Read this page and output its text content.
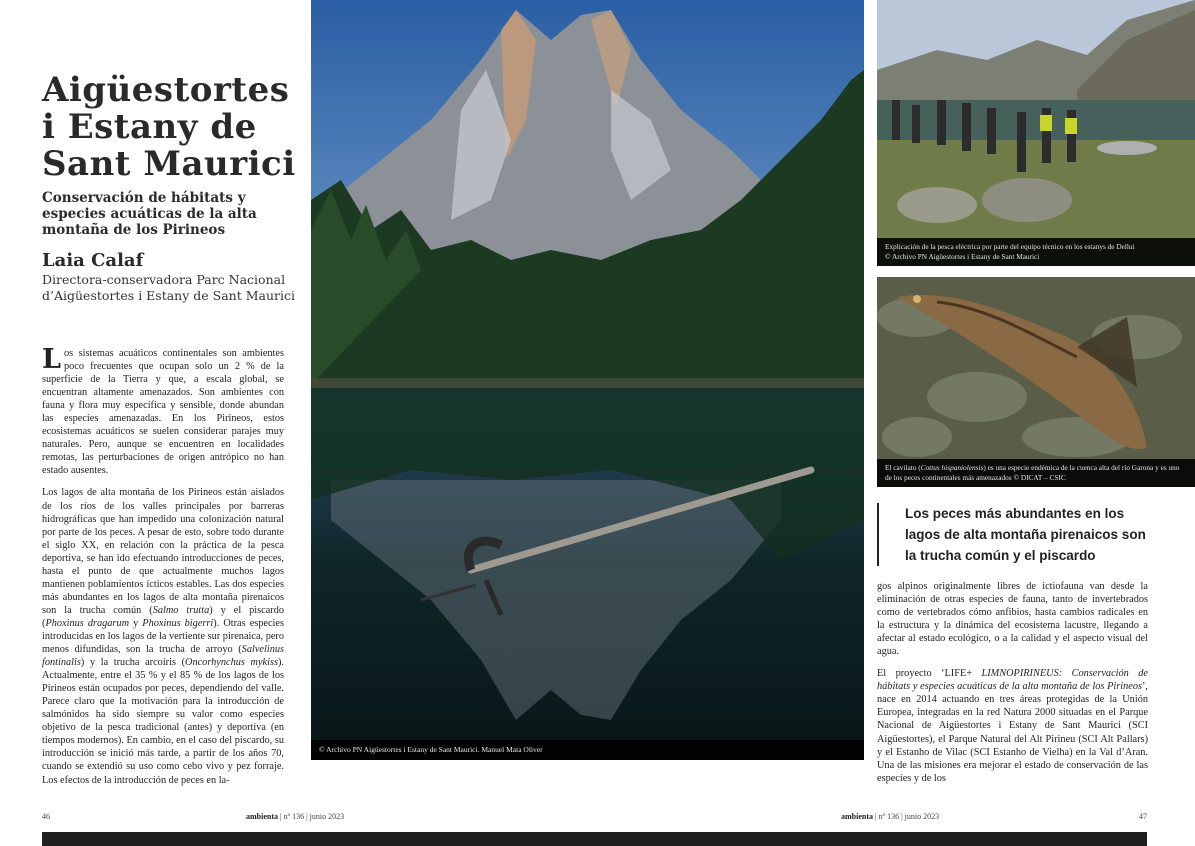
Aigüestortes
i Estany de
Sant Maurici
Conservación de hábitats y especies acuáticas de la alta montaña de los Pirineos
Laia Calaf
Directora-conservadora Parc Nacional d’Aigüestortes i Estany de Sant Maurici

Los sistemas acuáticos continentales son ambientes poco frecuentes que ocupan solo un 2 % de la superficie de la Tierra y que, a escala global, se encuentran altamente amenazados. Son ambientes con fauna y flora muy específica y sensible, donde abundan las especies amenazadas. En los Pirineos, estos ecosistemas acuáticos se suelen considerar parajes muy naturales. Pero, aunque se encuentren en localidades remotas, las perturbaciones de origen antrópico no han estado ausentes.

Los lagos de alta montaña de los Pirineos están aislados de los ríos de los valles principales por barreras hidrográficas que han impedido una colonización natural por parte de los peces. A pesar de esto, sobre todo durante el siglo XX, en relación con la práctica de la pesca deportiva, se han ido efectuando introducciones de peces, hasta el punto de que actualmente muchos lagos mantienen poblamientos ícticos estables. Las dos especies más abundantes en los lagos de alta montaña pirenaicos son la trucha común (Salmo trutta) y el piscardo (Phoxinus dragarum y Phoxinus bigerri). Otras especies introducidas en los lagos de la vertiente sur pirenaica, pero menos difundidas, son la trucha de arroyo (Salvelinus fontinalis) y la trucha arcoíris (Oncorhynchus mykiss). Actualmente, entre el 35 % y el 85 % de los lagos de los Pirineos están ocupados por peces, dependiendo del valle. Parece claro que la motivación para la introducción de salmónidos ha sido siempre su valor como especies objetivo de la pesca tradicional (antes) y deportiva (en tiempos modernos). En cambio, en el caso del piscardo, su introducción se inició más tarde, a partir de los años 70, cuando se extendió su uso como cebo vivo y pez forraje. Los efectos de la introducción de peces en la-

© Archivo PN Aigüestortes i Estany de Sant Maurici. Manuel Mata Oliver
Explicación de la pesca eléctrica por parte del equipo técnico en los estanys de Dellui
© Archivo PN Aigüestortes i Estany de Sant Maurici
El cavilato (Cottus hispaniolensis) es una especie endémica de la cuenca alta del río Garona y es uno de los peces continentales más amenazados © DICAT – CSIC
Los peces más abundantes en los lagos de alta montaña pirenaicos son la trucha común y el piscardo

gos alpinos originalmente libres de ictiofauna van desde la eliminación de otras especies de fauna, tanto de invertebrados como de vertebrados cómo anfibios, hasta cambios radicales en la estructura y la dinámica del ecosistema lacustre, llegando a afectar al estado ecológico, o a la calidad y el aspecto visual del agua.

El proyecto ‘LIFE+ LIMNOPIRINEUS: Conservación de hábitats y especies acuáticas de la alta montaña de los Pirineos’, nace en 2014 actuando en tres áreas protegidas de la Unión Europea, integradas en la red Natura 2000 situadas en el Parque Nacional de Aigüestortes i Estany de Sant Maurici (SCI Aigüestortes), el Parque Natural del Alt Pirineu (SCI Alt Pallars) y el Estanho de Vilac (SCI Estanho de Vielha) en la Val d’Aran. Una de las misiones era mejorar el estado de conservación de las especies y de los

46	ambienta | nº 136 | junio 2023	ambienta | nº 136 | junio 2023	47
